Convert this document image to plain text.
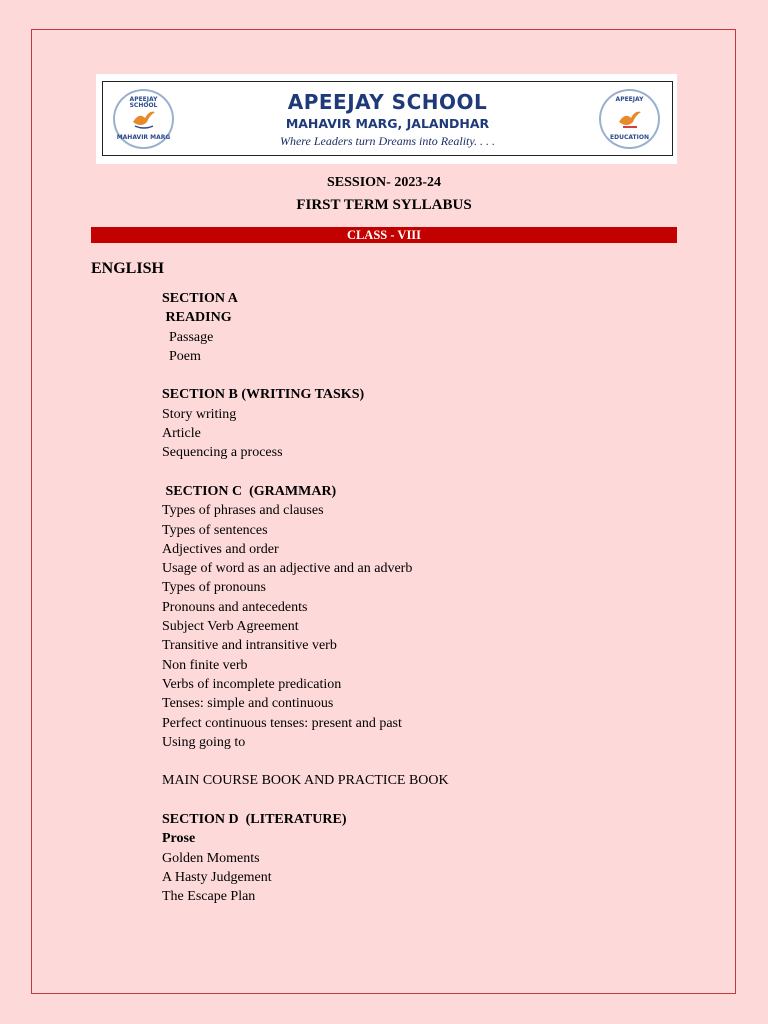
APEEJAY SCHOOL
MAHAVIR MARG
APEEJAY SCHOOL
MAHAVIR MARG, JALANDHAR
Where Leaders turn Dreams into Reality. . . .
APEEJAY
EDUCATION
SESSION- 2023-24
FIRST TERM SYLLABUS
CLASS - VIII
ENGLISH
SECTION A
READING
Passage
Poem
SECTION B (WRITING TASKS)
Story writing
Article
Sequencing a process
SECTION C  (GRAMMAR)
Types of phrases and clauses
Types of sentences
Adjectives and order
Usage of word as an adjective and an adverb
Types of pronouns
Pronouns and antecedents
Subject Verb Agreement
Transitive and intransitive verb
Non finite verb
Verbs of incomplete predication
Tenses: simple and continuous
Perfect continuous tenses: present and past
Using going to
MAIN COURSE BOOK AND PRACTICE BOOK
SECTION D  (LITERATURE)
Prose
Golden Moments
A Hasty Judgement
The Escape Plan
